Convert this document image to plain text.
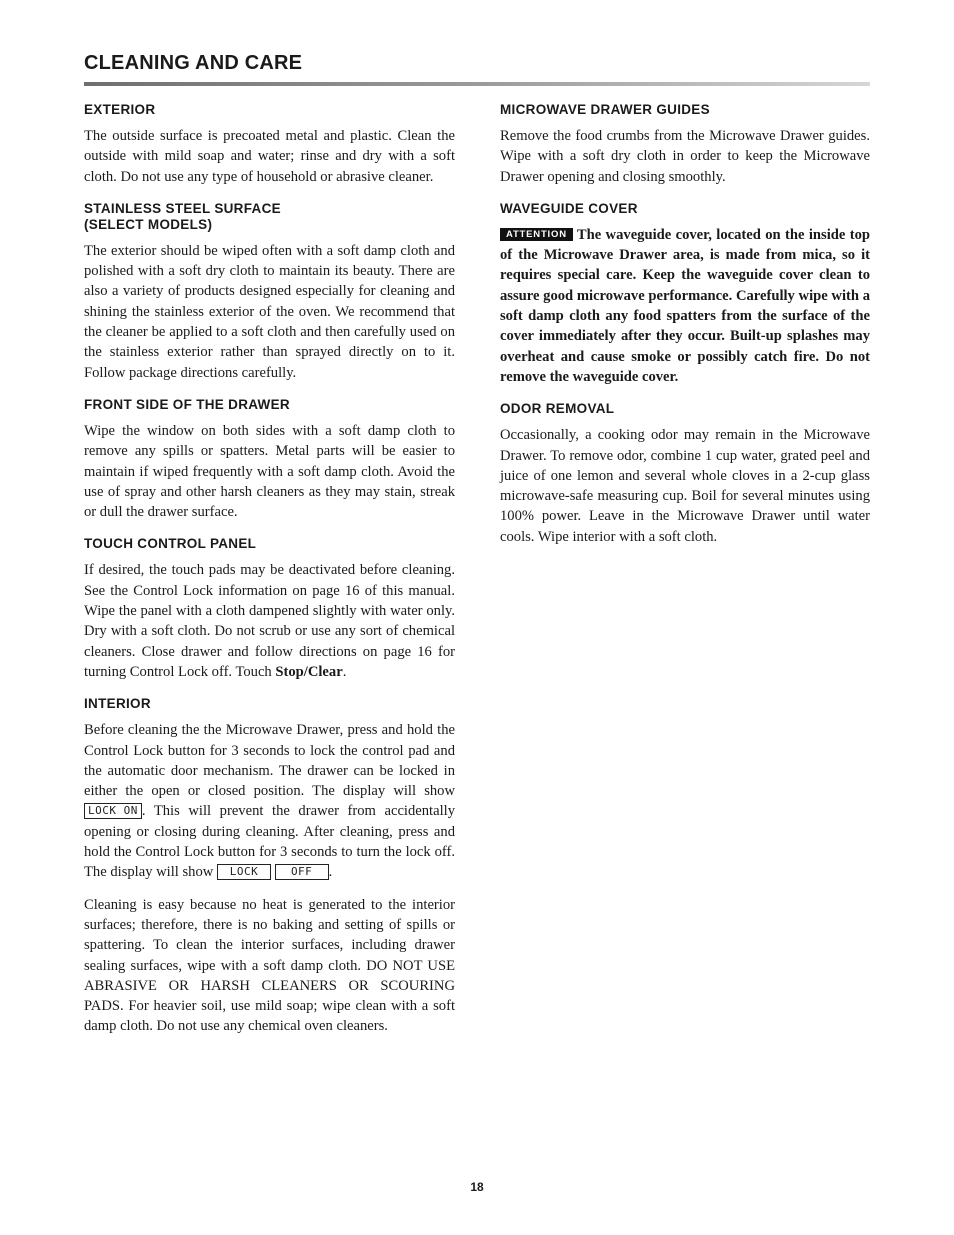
CLEANING AND CARE
EXTERIOR

The outside surface is precoated metal and plastic. Clean the outside with mild soap and water; rinse and dry with a soft cloth. Do not use any type of household or abrasive cleaner.

STAINLESS STEEL SURFACE
(SELECT MODELS)

The exterior should be wiped often with a soft damp cloth and polished with a soft dry cloth to maintain its beauty. There are also a variety of products designed especially for cleaning and shining the stainless exterior of the oven. We recommend that the cleaner be applied to a soft cloth and then carefully used on the stainless exterior rather than sprayed directly on to it. Follow package directions carefully.

FRONT SIDE OF THE DRAWER

Wipe the window on both sides with a soft damp cloth to remove any spills or spatters. Metal parts will be easier to maintain if wiped frequently with a soft damp cloth. Avoid the use of spray and other harsh cleaners as they may stain, streak or dull the drawer surface.

TOUCH CONTROL PANEL

If desired, the touch pads may be deactivated before cleaning. See the Control Lock information on page 16 of this manual. Wipe the panel with a cloth dampened slightly with water only. Dry with a soft cloth. Do not scrub or use any sort of chemical cleaners. Close drawer and follow directions on page 16 for turning Control Lock off. Touch Stop/Clear.

INTERIOR

Before cleaning the the Microwave Drawer, press and hold the Control Lock button for 3 seconds to lock the control pad and the automatic door mechanism. The drawer can be locked in either the open or closed position. The display will show LOCK ON . This will prevent the drawer from accidentally opening or closing during cleaning. After cleaning, press and hold the Control Lock button for 3 seconds to turn the lock off. The display will show LOCK	OFF .

Cleaning is easy because no heat is generated to the interior surfaces; therefore, there is no baking and setting of spills or spattering. To clean the interior surfaces, including drawer sealing surfaces, wipe with a soft damp cloth. DO NOT USE ABRASIVE OR HARSH CLEANERS OR SCOURING PADS. For heavier soil, use mild soap; wipe clean with a soft damp cloth. Do not use any chemical oven cleaners.

MICROWAVE DRAWER GUIDES

Remove the food crumbs from the Microwave Drawer guides. Wipe with a soft dry cloth in order to keep the Microwave Drawer opening and closing smoothly.

WAVEGUIDE COVER

ATTENTION The waveguide cover, located on the inside top of the Microwave Drawer area, is made from mica, so it requires special care. Keep the waveguide cover clean to assure good microwave performance. Carefully wipe with a soft damp cloth any food spatters from the surface of the cover immediately after they occur. Built-up splashes may overheat and cause smoke or possibly catch fire. Do not remove the waveguide cover.

ODOR REMOVAL

Occasionally, a cooking odor may remain in the Microwave Drawer. To remove odor, combine 1 cup water, grated peel and juice of one lemon and several whole cloves in a 2-cup glass microwave-safe measuring cup. Boil for several minutes using 100% power. Leave in the Microwave Drawer until water cools. Wipe interior with a soft cloth.

18
